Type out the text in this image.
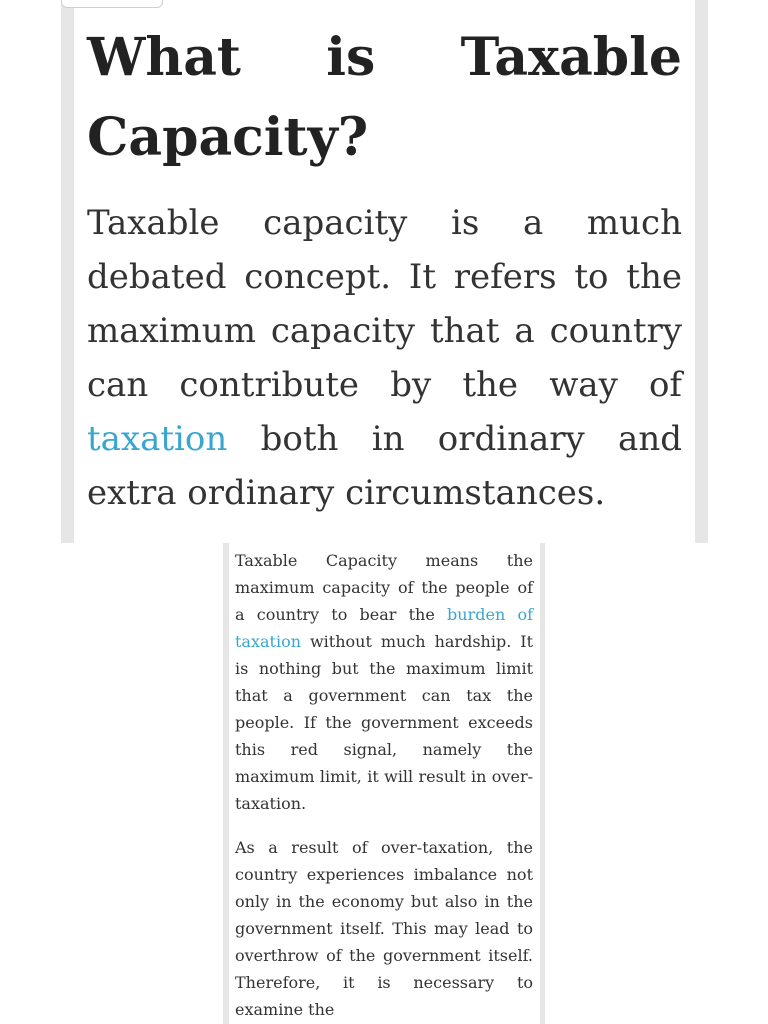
What is Taxable Capacity?

Taxable capacity is a much debated concept. It refers to the maximum capacity that a country can contribute by the way of taxation both in ordinary and extra ordinary circumstances.

Taxable Capacity means the maximum capacity of the people of a country to bear the burden of taxation without much hardship. It is nothing but the maximum limit that a government can tax the people. If the government exceeds this red signal, namely the maximum limit, it will result in over-taxation.

As a result of over-taxation, the country experiences imbalance not only in the economy but also in the government itself. This may lead to overthrow of the government itself. Therefore, it is necessary to examine the
